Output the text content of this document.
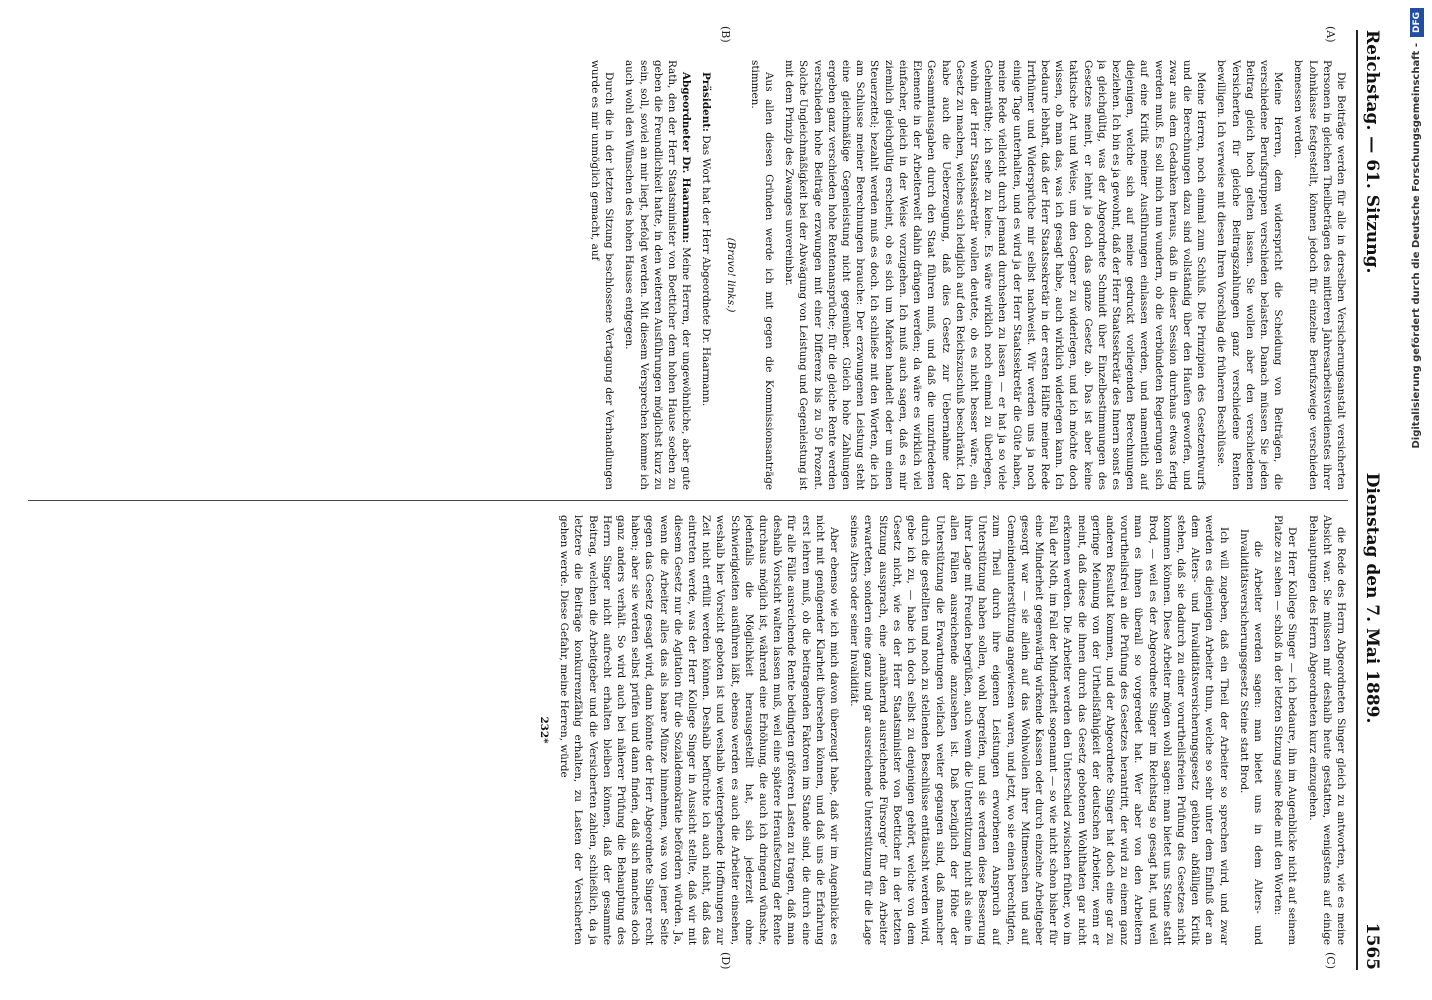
Reichstag. — 61. Sitzung.
Dienstag den 7. Mai 1889.
1565
(A)
(B)
(C)
(D)

Die Beiträge werden für alle in derselben Versicherungsanstalt versicherten Personen in gleichen Theilbeträgen des mittleren Jahresarbeitsverdienstes ihrer Lohnklasse festgestellt, können jedoch für einzelne Berufszweige verschieden bemessen werden.

Meine Herren, dem widerspricht die Scheidung von Beiträgen, die verschiedene Berufsgruppen verschieden belasten. Danach müssen Sie jeden Beitrag gleich hoch gelten lassen. Sie wollen aber den verschiedenen Versicherten für gleiche Beitragszahlungen ganz verschiedene Renten bewilligen. Ich verweise mit diesen Ihren Vorschlag die früheren Beschlüsse.

Meine Herren, noch einmal zum Schluß. Die Prinzipien des Gesetzentwurfs und die Berechnungen dazu sind vollständig über den Haufen geworfen, und zwar aus dem Gedanken heraus, daß in dieser Session durchaus etwas fertig werden muß. Es soll mich nun wundern, ob die verbündeten Regierungen sich auf eine Kritik meiner Ausführungen einlassen werden, und namentlich auf diejenigen, welche sich auf meine gedruckt vorliegenden Berechnungen beziehen. Ich bin es ja gewohnt, daß der Herr Staatssekretär des Innern sonst es ja gleichgültig, was der Abgeordnete Schmidt über Einzelbestimmungen des Gesetzes meint, er lehnt ja doch das ganze Gesetz ab. Das ist aber keine taktische Art und Weise, um den Gegner zu widerlegen, und ich möchte doch wissen, ob man das, was ich gesagt habe, auch wirklich widerlegen kann. Ich bedaure lebhaft, daß der Herr Staatssekretär in der ersten Hälfte meiner Rede Irrthümer und Widersprüche mir selbst nachweist. Wir werden uns ja noch einige Tage unterhalten, und es wird ja der Herr Staatssekretär die Güte haben, meine Rede vielleicht durch jemand durchsehen zu lassen — er hat ja so viele Geheimräthe; ich sehe zu keine. Es wäre wirklich noch einmal zu überlegen, wohin der Herr Staatssekretär wollen deutete, ob es nicht besser wäre, ein Gesetz zu machen, welches sich lediglich auf den Reichszuschuß beschränkt. Ich habe auch die Ueberzeugung, daß dies Gesetz zur Uebernahme der Gesammtausgaben durch den Staat führen muß, und daß die unzufriedenen Elemente in der Arbeiterwelt dahin drängen werden; da wäre es wirklich viel einfacher, gleich in der Weise vorzugehen. Ich muß auch sagen, daß es mir ziemlich gleichgültig erscheint, ob es sich um Marken handelt oder um einen Steuerzettel; bezahlt werden muß es doch. Ich schließe mit den Worten, die ich am Schlusse meiner Berechnungen brauche: Der erzwungenen Leistung steht eine gleichmäßige Gegenleistung nicht gegenüber. Gleich hohe Zahlungen ergeben ganz verschieden hohe Rentenansprüche; für die gleiche Rente werden verschieden hohe Beiträge erzwungen mit einer Differenz bis zu 50 Prozent. Solche Ungleichmäßigkeit bei der Abwägung von Leistung und Gegenleistung ist mit dem Prinzip des Zwanges unvereinbar.

Aus allen diesen Gründen werde ich mit gegen die Kommissionsanträge stimmen.

(Bravo! links.)

Präsident: Das Wort hat der Herr Abgeordnete Dr. Haarmann.

Abgeordneter Dr. Haarmann: Meine Herren, der ungewöhnliche, aber gute Rath, den der Herr Staatsminister von Boetticher dem hohen Hause soeben zu geben die Freundlichkeit hatte, in den weiteren Ausführungen möglichst kurz zu sein, soll, soviel an mir liegt, befolgt werden. Mit diesem Versprechen komme ich auch wohl den Wünschen des hohen Hauses entgegen.

Durch die in der letzten Sitzung beschlossene Vertagung der Verhandlungen wurde es mir unmöglich gemacht, auf

die Rede des Herrn Abgeordneten Singer gleich zu antworten, wie es meine Absicht war. Sie müssen mir deshalb heute gestatten, wenigstens auf einige Behauptungen des Herrn Abgeordneten kurz einzugehen.

Der Herr Kollege Singer — ich bedaure, ihn im Augenblicke nicht auf seinem Platze zu sehen — schloß in der letzten Sitzung seine Rede mit den Worten:

die Arbeiter werden sagen: man bietet uns in dem Alters- und Invaliditätsversicherungsgesetz Steine statt Brod.

Ich will zugeben, daß ein Theil der Arbeiter so sprechen wird, und zwar werden es diejenigen Arbeiter thun, welche so sehr unter dem Einfluß der an dem Alters- und Invaliditätsversicherungsgesetz geübten abfälligen Kritik stehen, daß sie dadurch zu einer vorurtheilsfreien Prüfung des Gesetzes nicht kommen können. Diese Arbeiter mögen wohl sagen: man bietet uns Steine statt Brod, — weil es der Abgeordnete Singer im Reichstag so gesagt hat, und weil man es ihnen überall so vorgeredet hat. Wer aber von den Arbeitern vorurtheilsfrei an die Prüfung des Gesetzes herantritt, der wird zu einem ganz anderen Resultat kommen, und der Abgeordnete Singer hat doch eine gar zu geringe Meinung von der Urtheilsfähigkeit der deutschen Arbeiter, wenn er meint, daß diese die ihnen durch das Gesetz gebotenen Wohlthaten gar nicht erkennen werden. Die Arbeiter werden den Unterschied zwischen früher, wo im Fall der Noth, im Fall der Minderheit sogenannt — so wie nicht schon bisher für eine Minderheit gegenwärtig wirkende Kassen oder durch einzelne Arbeitgeber gesorgt war — sie allein auf das Wohlwollen ihrer Mitmenschen und auf Gemeindeunterstützung angewiesen waren, und jetzt, wo sie einen berechtigten, zum Theil durch ihre eigenen Leistungen erworbenen Anspruch auf Unterstützung haben sollen, wohl begreifen, und sie werden diese Besserung ihrer Lage mit Freuden begrüßen, auch wenn die Unterstützung nicht als eine in allen Fällen ausreichende anzusehen ist. Daß bezüglich der Höhe der Unterstützung die Erwartungen vielfach weiter gegangen sind, daß mancher durch die gestellten und noch zu stellenden Beschlüsse enttäuscht werden wird, gebe ich zu, — habe ich doch selbst zu denjenigen gehört, welche von dem Gesetz nicht, wie es der Herr Staatsminister von Boetticher in der letzten Sitzung aussprach, eine ‚annähernd ausreichende Fürsorge‘ für den Arbeiter erwarteten, sondern eine ganz und gar ausreichende Unterstützung für die Lage seines Alters oder seiner Invalidität.

Aber ebenso wie ich mich davon überzeugt habe, daß wir im Augenblicke es nicht mit genügender Klarheit übersehen können, und daß uns die Erfahrung erst lehren muß, ob die beitragenden Faktoren im Stande sind, die durch eine für alle Fälle ausreichende Rente bedingten größeren Lasten zu tragen, daß man deshalb Vorsicht walten lassen muß, weil eine spätere Heraufsetzung der Rente durchaus möglich ist, während eine Erhöhung, die auch ich dringend wünsche, jedenfalls die Möglichkeit herausgestellt hat, sich jederzeit ohne Schwierigkeiten ausführen läßt, ebenso werden es auch die Arbeiter einsehen, weshalb hier Vorsicht geboten ist und weshalb weitergehende Hoffnungen zur Zeit nicht erfüllt werden können. Deshalb befürchte ich auch nicht, daß das eintreten werde, was der Herr Kollege Singer in Aussicht stellte, daß wir mit diesem Gesetz nur die Agitation für die Sozialdemokratie befördern würden. Ja, wenn die Arbeiter alles das als baare Münze hinnehmen, was von jener Seite gegen das Gesetz gesagt wird, dann könnte der Herr Abgeordnete Singer recht haben; aber sie werden selbst prüfen und dann finden, daß sich manches doch ganz anders verhält. So wird auch bei näherer Prüfung die Behauptung des Herrn Singer nicht aufrecht erhalten bleiben können, daß der gesammte Beitrag, welchen die Arbeitgeber und die Versicherten zahlen, schließlich, da ja letztere die Beiträge konkurrenzfähig erhalten, zu Lasten der Versicherten gehen werde. Diese Gefahr, meine Herren, würde

232*

Digitalisierung gefördert durch die Deutsche Forschungsgemeinschaft -DFG
